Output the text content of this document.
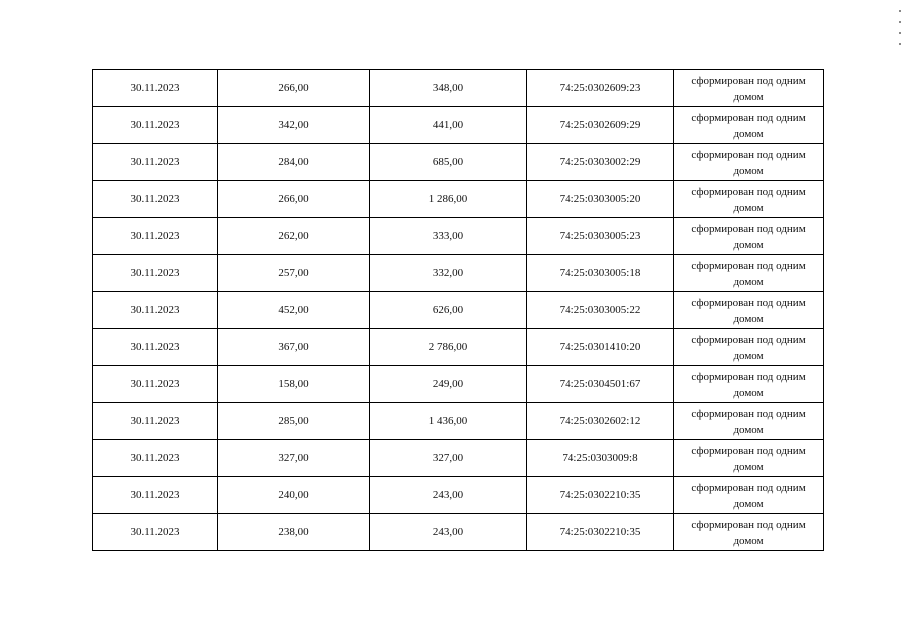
30.11.2023	266,00	348,00	74:25:0302609:23	сформирован под одним домом
30.11.2023	342,00	441,00	74:25:0302609:29	сформирован под одним домом
30.11.2023	284,00	685,00	74:25:0303002:29	сформирован под одним домом
30.11.2023	266,00	1 286,00	74:25:0303005:20	сформирован под одним домом
30.11.2023	262,00	333,00	74:25:0303005:23	сформирован под одним домом
30.11.2023	257,00	332,00	74:25:0303005:18	сформирован под одним домом
30.11.2023	452,00	626,00	74:25:0303005:22	сформирован под одним домом
30.11.2023	367,00	2 786,00	74:25:0301410:20	сформирован под одним домом
30.11.2023	158,00	249,00	74:25:0304501:67	сформирован под одним домом
30.11.2023	285,00	1 436,00	74:25:0302602:12	сформирован под одним домом
30.11.2023	327,00	327,00	74:25:0303009:8	сформирован под одним домом
30.11.2023	240,00	243,00	74:25:0302210:35	сформирован под одним домом
30.11.2023	238,00	243,00	74:25:0302210:35	сформирован под одним домом
